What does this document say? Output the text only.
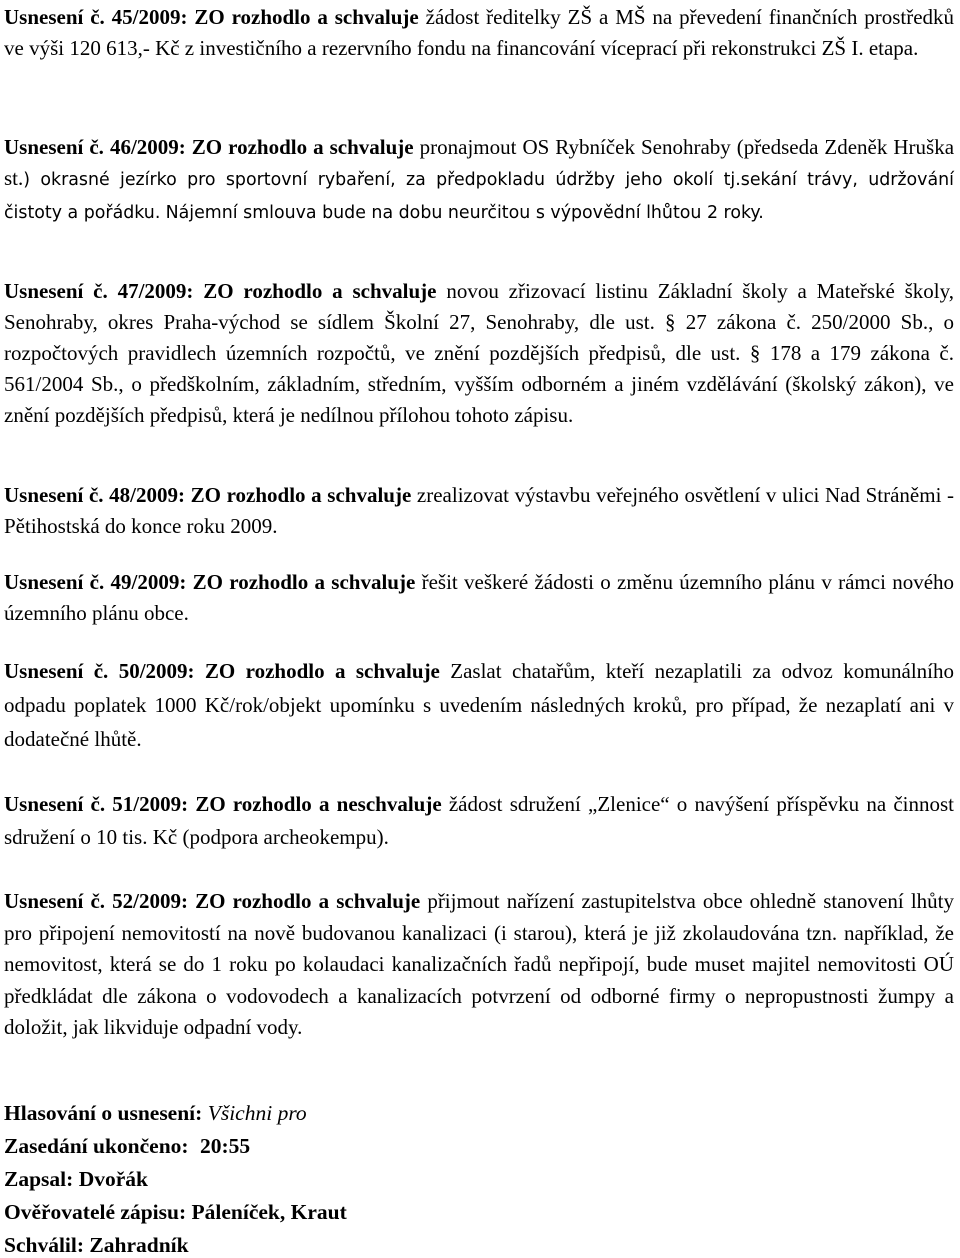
Usnesení č. 45/2009: ZO rozhodlo a schvaluje žádost ředitelky ZŠ a MŠ na převedení finančních prostředků ve výši 120 613,- Kč z investičního a rezervního fondu na financování víceprací při rekonstrukci ZŠ I. etapa.
Usnesení č. 46/2009: ZO rozhodlo a schvaluje pronajmout OS Rybníček Senohraby (předseda Zdeněk Hruška st.) okrasné jezírko pro sportovní rybaření, za předpokladu údržby jeho okolí tj.sekání trávy, udržování čistoty a pořádku. Nájemní smlouva bude na dobu neurčitou s výpovědní lhůtou 2 roky.
Usnesení č. 47/2009: ZO rozhodlo a schvaluje novou zřizovací listinu Základní školy a Mateřské školy, Senohraby, okres Praha-východ se sídlem Školní 27, Senohraby, dle ust. § 27 zákona č. 250/2000 Sb., o rozpočtových pravidlech územních rozpočtů, ve znění pozdějších předpisů, dle ust. § 178 a 179 zákona č. 561/2004 Sb., o předškolním, základním, středním, vyšším odborném a jiném vzdělávání (školský zákon), ve znění pozdějších předpisů, která je nedílnou přílohou tohoto zápisu.
Usnesení č. 48/2009: ZO rozhodlo a schvaluje zrealizovat výstavbu veřejného osvětlení v ulici Nad Stráněmi - Pětihostská do konce roku 2009.
Usnesení č. 49/2009: ZO rozhodlo a schvaluje řešit veškeré žádosti o změnu územního plánu v rámci nového územního plánu obce.
Usnesení č. 50/2009: ZO rozhodlo a schvaluje Zaslat chatařům, kteří nezaplatili za odvoz komunálního odpadu poplatek 1000 Kč/rok/objekt upomínku s uvedením následných kroků, pro případ, že nezaplatí ani v dodatečné lhůtě.
Usnesení č. 51/2009: ZO rozhodlo a neschvaluje žádost sdružení „Zlenice“ o navýšení příspěvku na činnost sdružení o 10 tis. Kč (podpora archeokempu).
Usnesení č. 52/2009: ZO rozhodlo a schvaluje přijmout nařízení zastupitelstva obce ohledně stanovení lhůty pro připojení nemovitostí na nově budovanou kanalizaci (i starou), která je již zkolaudována tzn. například, že nemovitost, která se do 1 roku po kolaudaci kanalizačních řadů nepřipojí, bude muset majitel nemovitosti OÚ předkládat dle zákona o vodovodech a kanalizacích potvrzení od odborné firmy o nepropustnosti žumpy a doložit, jak likviduje odpadní vody.
Hlasování o usnesení: Všichni pro
Zasedání ukončeno: 20:55
Zapsal: Dvořák
Ověřovatelé zápisu: Páleníček, Kraut
Schválil: Zahradník
